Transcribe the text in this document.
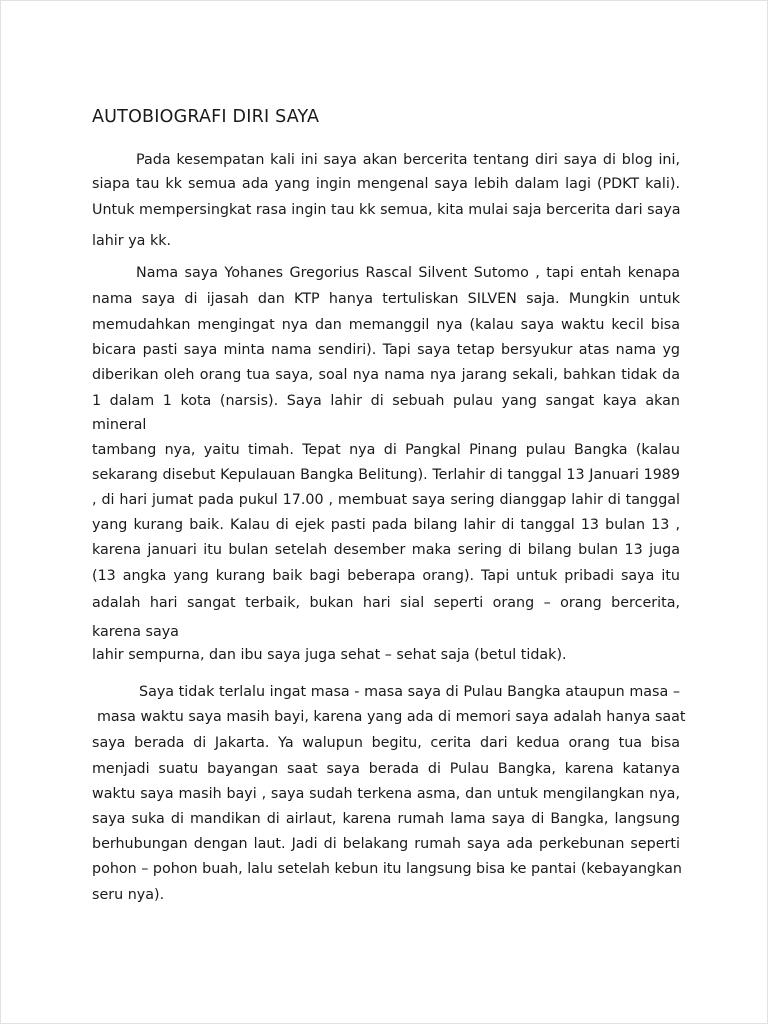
AUTOBIOGRAFI DIRI SAYA
Pada kesempatan kali ini saya akan bercerita tentang diri saya di blog ini,
siapa tau kk semua ada yang ingin mengenal saya lebih dalam lagi (PDKT kali).
Untuk mempersingkat rasa ingin tau kk semua, kita mulai saja bercerita dari saya
lahir ya kk.
Nama saya Yohanes Gregorius Rascal Silvent Sutomo , tapi entah kenapa
nama saya di ijasah dan KTP hanya tertuliskan SILVEN saja. Mungkin untuk
memudahkan mengingat nya dan memanggil nya (kalau saya waktu kecil bisa
bicara pasti saya minta nama sendiri). Tapi saya tetap bersyukur atas nama yg
diberikan oleh orang tua saya, soal nya nama nya jarang sekali, bahkan tidak da
1 dalam 1 kota (narsis). Saya lahir di sebuah pulau yang sangat kaya akan
mineral
tambang nya, yaitu timah. Tepat nya di Pangkal Pinang pulau Bangka (kalau
sekarang disebut Kepulauan Bangka Belitung). Terlahir di tanggal 13 Januari 1989
, di hari jumat pada pukul 17.00 , membuat saya sering dianggap lahir di tanggal
yang kurang baik. Kalau di ejek pasti pada bilang lahir di tanggal 13 bulan 13 ,
karena januari itu bulan setelah desember maka sering di bilang bulan 13 juga
(13 angka yang kurang baik bagi beberapa orang). Tapi untuk pribadi saya itu
adalah hari sangat terbaik, bukan hari sial seperti orang – orang bercerita,
karena saya
lahir sempurna, dan ibu saya juga sehat – sehat saja (betul tidak).
Saya tidak terlalu ingat masa - masa saya di Pulau Bangka ataupun masa –
masa waktu saya masih bayi, karena yang ada di memori saya adalah hanya saat
saya berada di Jakarta. Ya walupun begitu, cerita dari kedua orang tua bisa
menjadi suatu bayangan saat saya berada di Pulau Bangka, karena katanya
waktu saya masih bayi , saya sudah terkena asma, dan untuk mengilangkan nya,
saya suka di mandikan di airlaut, karena rumah lama saya di Bangka, langsung
berhubungan dengan laut. Jadi di belakang rumah saya ada perkebunan seperti
pohon – pohon buah, lalu setelah kebun itu langsung bisa ke pantai (kebayangkan
seru nya).
